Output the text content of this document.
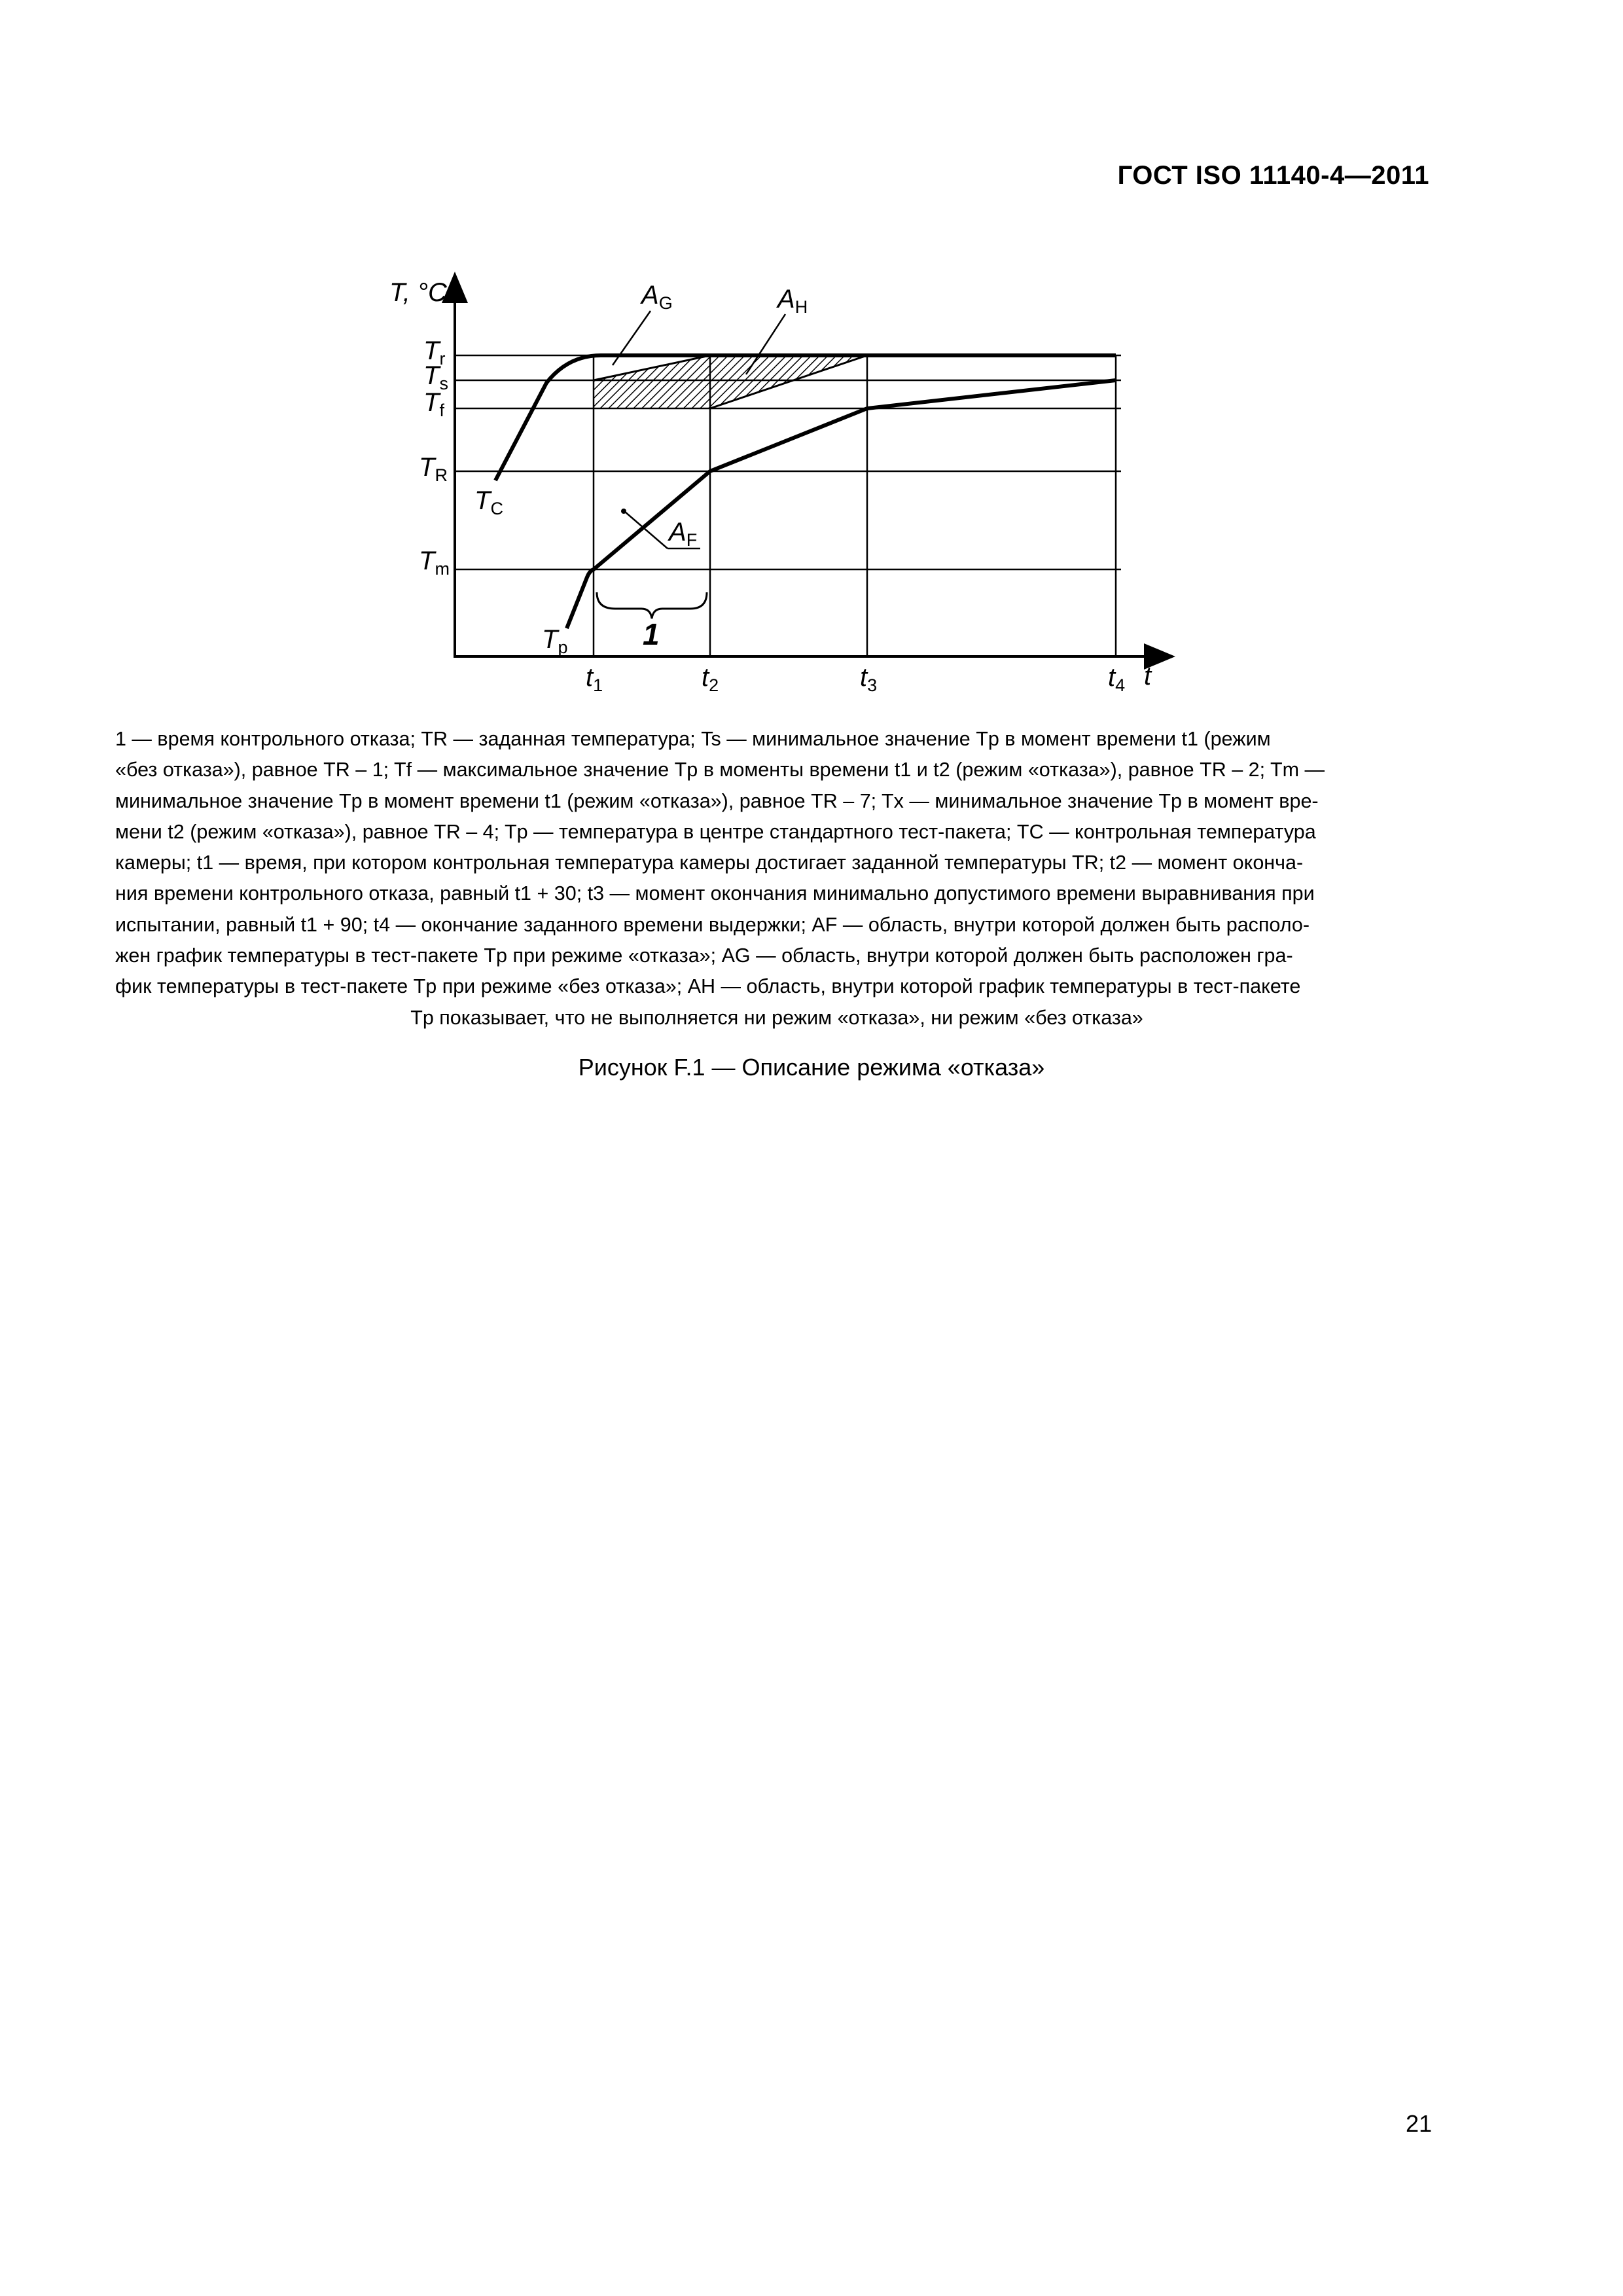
ГОСТ ISO 11140-4—2011
T, °C
$T_r$
$T_s$
$T_f$
$T_R$
$T_m$
$t_1$	$t_2$	$t_3$	$t_4$ t
$T_C$
$T_p$
$A_G$	$A_H$
$A_F$
1
1 — время контрольного отказа; TR — заданная температура; Ts — минимальное значение Tp в момент времени t1 (режим
«без отказа»), равное TR – 1; Tf — максимальное значение Tp в моменты времени t1 и t2 (режим «отказа»), равное TR – 2; Tm —
минимальное значение Tp в момент времени t1 (режим «отказа»), равное TR – 7; Tx — минимальное значение Tp в момент вре-
мени t2 (режим «отказа»), равное TR – 4; Tp — температура в центре стандартного тест-пакета; TC — контрольная температура
камеры; t1 — время, при котором контрольная температура камеры достигает заданной температуры TR; t2 — момент оконча-
ния времени контрольного отказа, равный t1 + 30; t3 — момент окончания минимально допустимого времени выравнивания при
испытании, равный t1 + 90; t4 — окончание заданного времени выдержки; AF — область, внутри которой должен быть располо-
жен график температуры в тест-пакете Tp при режиме «отказа»; AG — область, внутри которой должен быть расположен гра-
фик температуры в тест-пакете Tp при режиме «без отказа»; AH — область, внутри которой график температуры в тест-пакете
Tp показывает, что не выполняется ни режим «отказа», ни режим «без отказа»
Рисунок F.1 — Описание режима «отказа»
21
